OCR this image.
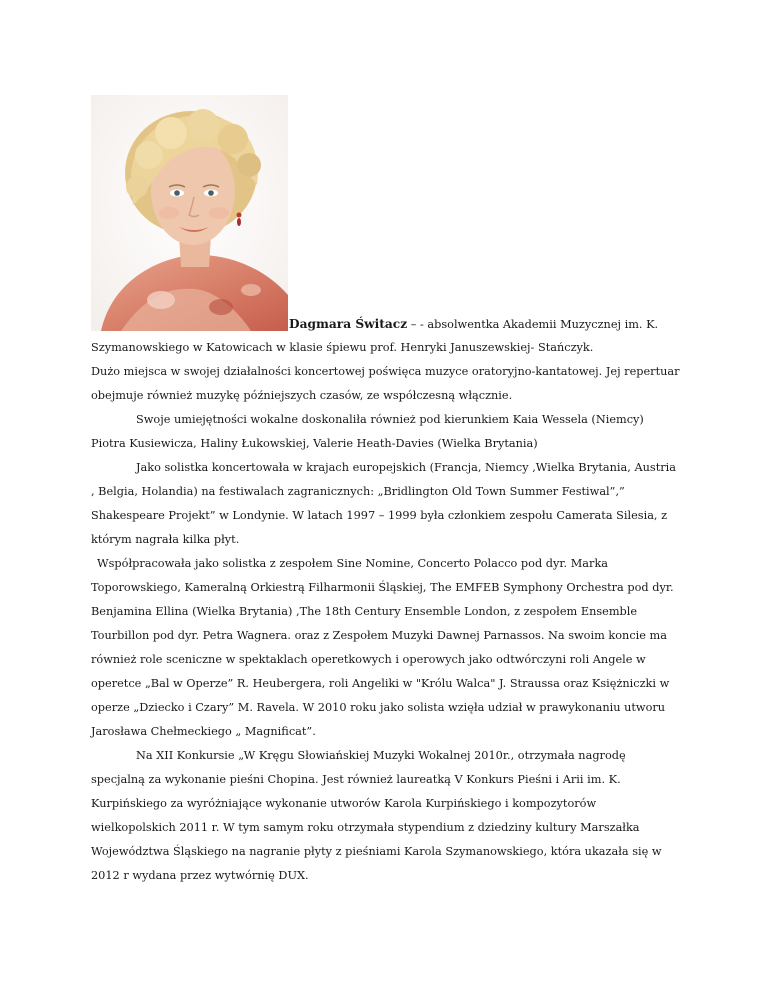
Dagmara Świtacz – - absolwentka Akademii Muzycznej im. K.

Szymanowskiego w Katowicach w klasie śpiewu prof. Henryki Januszewskiej- Stańczyk.

Dużo miejsca w swojej działalności koncertowej poświęca muzyce oratoryjno-kantatowej. Jej repertuar obejmuje również muzykę późniejszych czasów, ze współczesną włącznie.

Swoje umiejętności wokalne doskonaliła również pod kierunkiem Kaia Wessela (Niemcy) Piotra Kusiewicza, Haliny Łukowskiej, Valerie Heath-Davies (Wielka Brytania)

Jako solistka koncertowała w krajach europejskich (Francja, Niemcy ,Wielka Brytania, Austria , Belgia, Holandia) na festiwalach zagranicznych: „Bridlington Old Town Summer Festiwal”,” Shakespeare Projekt” w Londynie. W latach 1997 – 1999 była członkiem zespołu Camerata Silesia, z którym nagrała kilka płyt.

Współpracowała jako solistka z zespołem Sine Nomine, Concerto Polacco pod dyr. Marka Toporowskiego, Kameralną Orkiestrą Filharmonii Śląskiej, The EMFEB Symphony Orchestra pod dyr. Benjamina Ellina (Wielka Brytania) ,The 18th Century Ensemble London, z zespołem Ensemble Tourbillon pod dyr. Petra Wagnera. oraz z Zespołem Muzyki Dawnej Parnassos. Na swoim koncie ma również role sceniczne w spektaklach operetkowych i operowych jako odtwórczyni roli Angele w operetce „Bal w Operze” R. Heubergera, roli Angeliki w "Królu Walca" J. Straussa oraz Księżniczki w operze „Dziecko i Czary” M. Ravela. W 2010 roku jako solista wzięła udział w prawykonaniu utworu Jarosława Chełmeckiego „ Magnificat”.

Na XII Konkursie „W Kręgu Słowiańskiej Muzyki Wokalnej 2010r., otrzymała nagrodę specjalną za wykonanie pieśni Chopina. Jest również laureatką V Konkurs Pieśni i Arii im. K. Kurpińskiego za wyróżniające wykonanie utworów Karola Kurpińskiego i kompozytorów wielkopolskich 2011 r. W tym samym roku otrzymała stypendium z dziedziny kultury Marszałka Województwa Śląskiego na nagranie płyty z pieśniami Karola Szymanowskiego, która ukazała się w 2012 r wydana przez wytwórnię DUX.
